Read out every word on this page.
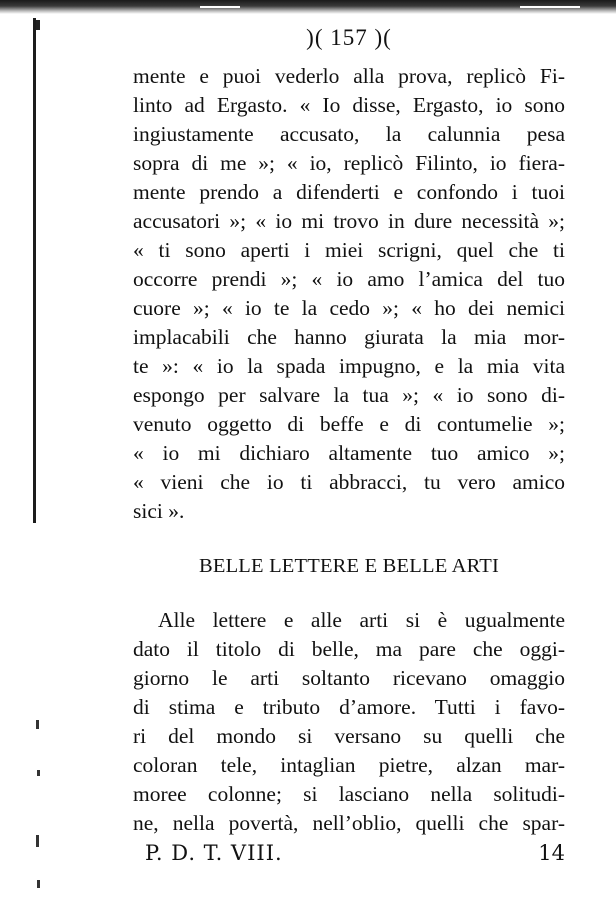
)( 157 )(
mente e puoi vederlo alla prova, replicò Fi-
linto ad Ergasto. « Io disse, Ergasto, io sono
ingiustamente accusato, la calunnia pesa
sopra di me »; « io, replicò Filinto, io fiera-
mente prendo a difenderti e confondo i tuoi
accusatori »; « io mi trovo in dure necessità »;
« ti sono aperti i miei scrigni, quel che ti
occorre prendi »; « io amo l’amica del tuo
cuore »; « io te la cedo »; « ho dei nemici
implacabili che hanno giurata la mia mor-
te »: « io la spada impugno, e la mia vita
espongo per salvare la tua »; « io sono di-
venuto oggetto di beffe e di contumelie »;
« io mi dichiaro altamente tuo amico »;
« vieni che io ti abbracci, tu vero amico
sici ».
BELLE LETTERE E BELLE ARTI
Alle lettere e alle arti si è ugualmente
dato il titolo di belle, ma pare che oggi-
giorno le arti soltanto ricevano omaggio
di stima e tributo d’amore. Tutti i favo-
ri del mondo si versano su quelli che
coloran tele, intaglian pietre, alzan mar-
moree colonne; si lasciano nella solitudi-
ne, nella povertà, nell’oblio, quelli che spar-
P. D. T. VIII.	14
